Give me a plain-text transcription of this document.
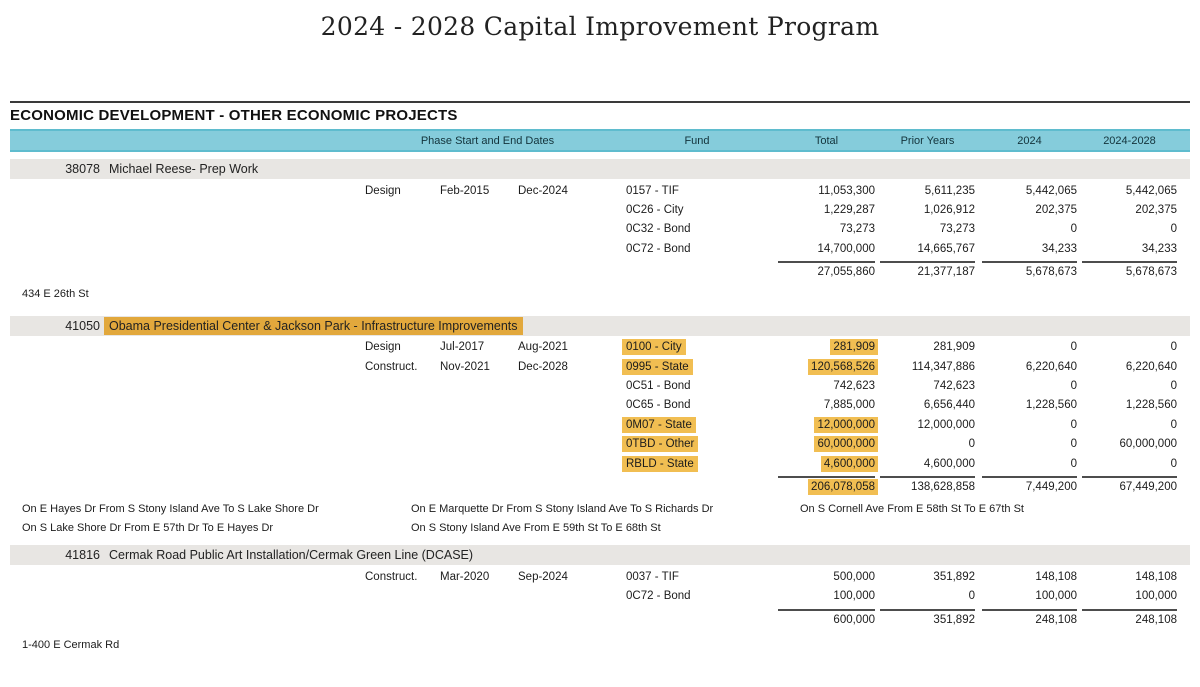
2024 - 2028 Capital Improvement Program
ECONOMIC DEVELOPMENT - OTHER ECONOMIC PROJECTS
Phase Start and End Dates	Fund	Total	Prior Years	2024	2024-2028
38078 Michael Reese- Prep Work
Design	Feb-2015	Dec-2024	0157 - TIF	11,053,300	5,611,235	5,442,065	5,442,065
0C26 - City	1,229,287	1,026,912	202,375	202,375
0C32 - Bond	73,273	73,273	0	0
0C72 - Bond	14,700,000	14,665,767	34,233	34,233
27,055,860	21,377,187	5,678,673	5,678,673
434 E 26th St
41050 Obama Presidential Center & Jackson Park - Infrastructure Improvements
Design	Jul-2017	Aug-2021	0100 - City	281,909	281,909	0	0
Construct.	Nov-2021	Dec-2028	0995 - State	120,568,526	114,347,886	6,220,640	6,220,640
0C51 - Bond	742,623	742,623	0	0
0C65 - Bond	7,885,000	6,656,440	1,228,560	1,228,560
0M07 - State	12,000,000	12,000,000	0	0
0TBD - Other	60,000,000	0	0	60,000,000
RBLD - State	4,600,000	4,600,000	0	0
206,078,058	138,628,858	7,449,200	67,449,200
On E Hayes Dr From S Stony Island Ave To S Lake Shore Dr	On E Marquette Dr From S Stony Island Ave To S Richards Dr	On S Cornell Ave From E 58th St To E 67th St
On S Lake Shore Dr From E 57th Dr To E Hayes Dr	On S Stony Island Ave From E 59th St To E 68th St
41816 Cermak Road Public Art Installation/Cermak Green Line (DCASE)
Construct.	Mar-2020	Sep-2024	0037 - TIF	500,000	351,892	148,108	148,108
0C72 - Bond	100,000	0	100,000	100,000
600,000	351,892	248,108	248,108
1-400 E Cermak Rd
